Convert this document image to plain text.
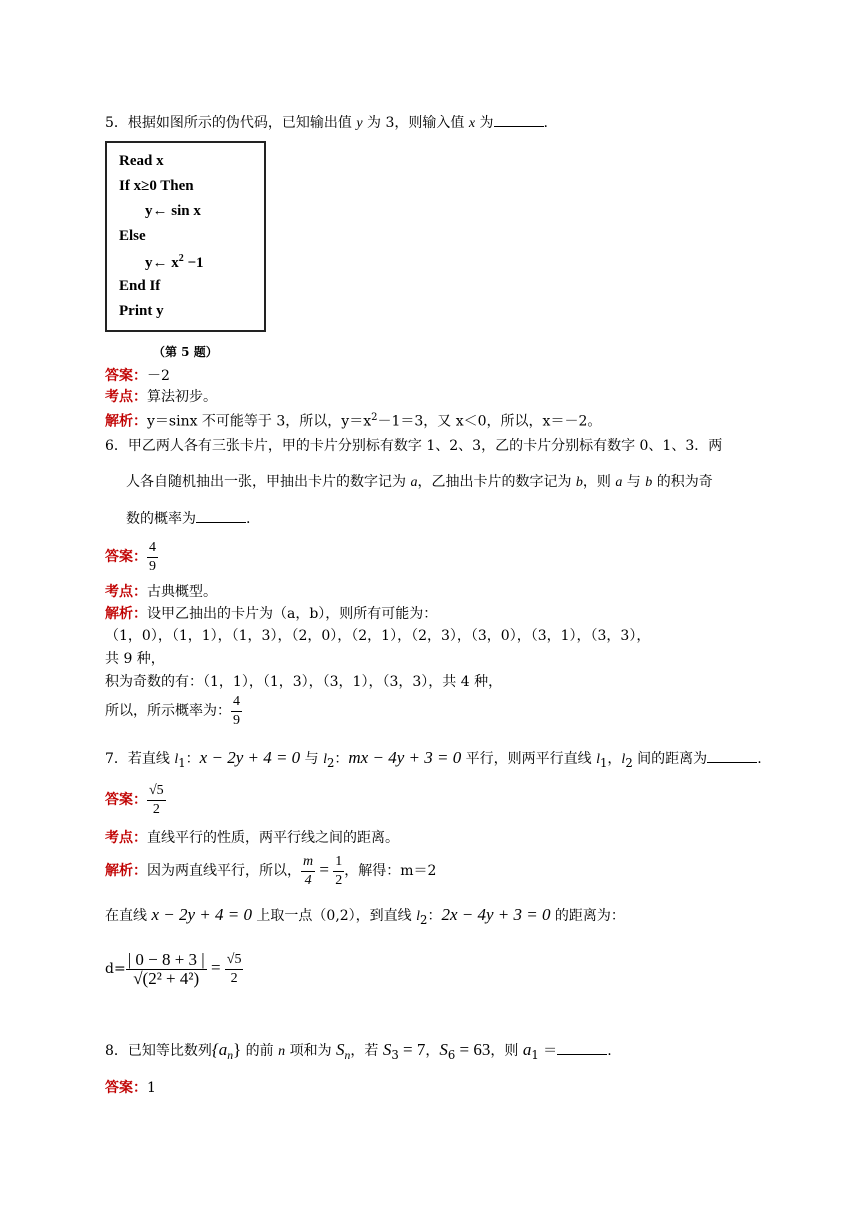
5．根据如图所示的伪代码，已知输出值 y 为 3，则输入值 x 为	.
Read x
If x≥0 Then
y← sin x
Else
y← $x^2 -1$
End If
Print y
（第 5 题）
答案：－2
考点：算法初步。
解析：y＝sinx 不可能等于 3，所以，$y=x^2-1=3$，又 x＜0，所以，x＝－2。
6．甲乙两人各有三张卡片，甲的卡片分别标有数字 1、2、3，乙的卡片分别标有数字 0、1、3．两
人各自随机抽出一张，甲抽出卡片的数字记为 a，乙抽出卡片的数字记为 b，则 a 与 b 的积为奇
数的概率为	.
答案： $\frac{4}{9}$
考点：古典概型。
解析：设甲乙抽出的卡片为（a，b），则所有可能为：
（1，0），（1，1），（1，3），（2，0），（2，1），（2，3），（3，0），（3，1），（3，3），
共 9 种，
积为奇数的有：（1，1），（1，3），（3，1），（3，3），共 4 种，
所以，所示概率为： $\frac{4}{9}$
7．若直线 $l_1$：x − 2y + 4 = 0 与 $l_2$：mx − 4y + 3 = 0 平行，则两平行直线 $l_1$，$l_2$ 间的距离为	.
答案： $\frac{√5}{2}$
考点：直线平行的性质，两平行线之间的距离。
解析：因为两直线平行，所以， $\frac{m}{4} = \frac{1}{2}$ ，解得：m＝2
在直线 x − 2y + 4 = 0 上取一点（0,2），到直线 $l_2$：2x − 4y + 3 = 0 的距离为：
$d= \frac{| 0 - 8 + 3 |}{\text{√(2² + 4²)}} = \frac{√5}{2}$
8．已知等比数列$\{a_n\}$ 的前 n 项和为 $S_n$，若 $S_3 = 7$，$S_6 = 63$，则 $a_1$ ＝	.
答案：1
